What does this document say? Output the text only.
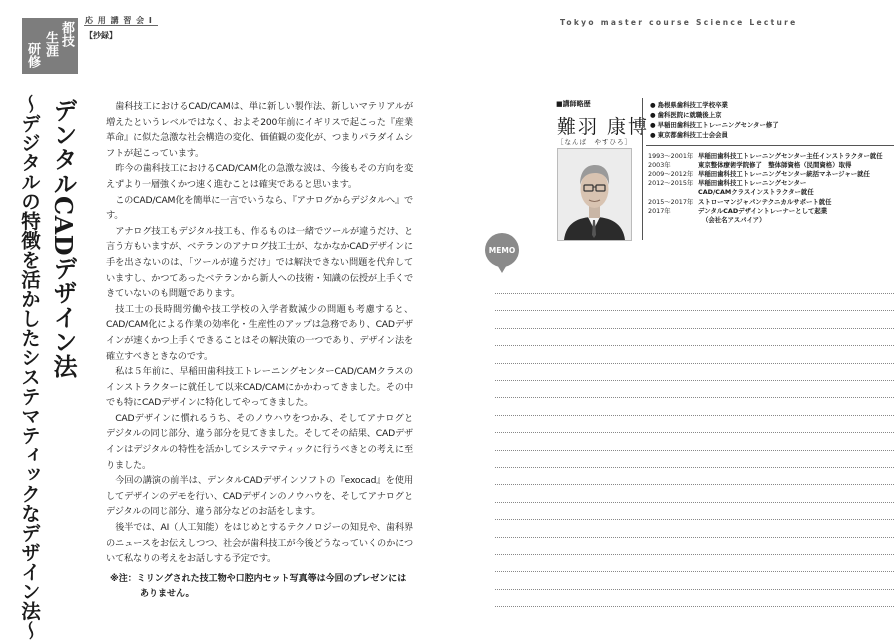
都技
生涯
研修
応 用 講 習 会 Ⅰ
【抄録】
Tokyo master course Science Lecture
デンタルCADデザイン法
～デジタルの特徴を活かしたシステマティックなデザイン法～	歯科技工におけるCAD/CAMは、単に新しい製作法、新しいマテリアルが増えたというレベルではなく、およそ200年前にイギリスで起こった『産業革命』に似た急激な社会構造の変化、価値観の変化が、つまりパラダイムシフトが起こっています。

昨今の歯科技工におけるCAD/CAM化の急激な波は、今後もその方向を変えずより一層強くかつ速く進むことは確実であると思います。

このCAD/CAM化を簡単に一言でいうなら、『アナログからデジタルへ』です。

アナログ技工もデジタル技工も、作るものは一緒でツールが違うだけ、と言う方もいますが、ベテランのアナログ技工士が、なかなかCADデザインに手を出さないのは、「ツールが違うだけ」では解決できない問題を代弁していますし、かつてあったベテランから新人への技術・知識の伝授が上手くできていないのも問題であります。

技工士の長時間労働や技工学校の入学者数減少の問題も考慮すると、CAD/CAM化による作業の効率化・生産性のアップは急務であり、CADデザインが速くかつ上手くできることはその解決策の一つであり、デザイン法を確立すべきときなのです。

私は５年前に、早稲田歯科技工トレーニングセンターCAD/CAMクラスのインストラクターに就任して以来CAD/CAMにかかわってきました。その中でも特にCADデザインに特化してやってきました。

CADデザインに慣れるうち、そのノウハウをつかみ、そしてアナログとデジタルの同じ部分、違う部分を見てきました。そしてその結果、CADデザインはデジタルの特性を活かしてシステマティックに行うべきとの考えに至りました。

今回の講演の前半は、デンタルCADデザインソフトの『exocad』を使用してデザインのデモを行い、CADデザインのノウハウを、そしてアナログとデジタルの同じ部分、違う部分などのお話をします。

後半では、AI（人工知能）をはじめとするテクノロジーの知見や、歯科界のニュースをお伝えしつつ、社会が歯科技工が今後どうなっていくのかについて私なりの考えをお話しする予定です。

※注：ミリングされた技工物や口腔内セット写真等は今回のプレゼンには
ありません。
■講師略歴
難羽 康博
［なんば　やすひろ］
● 島根県歯科技工学校卒業
● 歯科医院に就職後上京
● 早稲田歯科技工トレーニングセンター修了
● 東京都歯科技工士会会員
1993～2001年 早稲田歯科技工トレーニングセンター主任インストラクター就任
2003年	東京整体療術学院修了　整体師資格（民間資格）取得
2009～2012年 早稲田歯科技工トレーニングセンター統括マネージャー就任
2012～2015年 早稲田歯科技工トレーニングセンター
CAD/CAMクラスインストラクター就任
2015～2017年 ストローマンジャパンテクニカルサポート就任
2017年	デンタルCADデザイントレーナーとして起業
（会社名アスパイア）
MEMO
